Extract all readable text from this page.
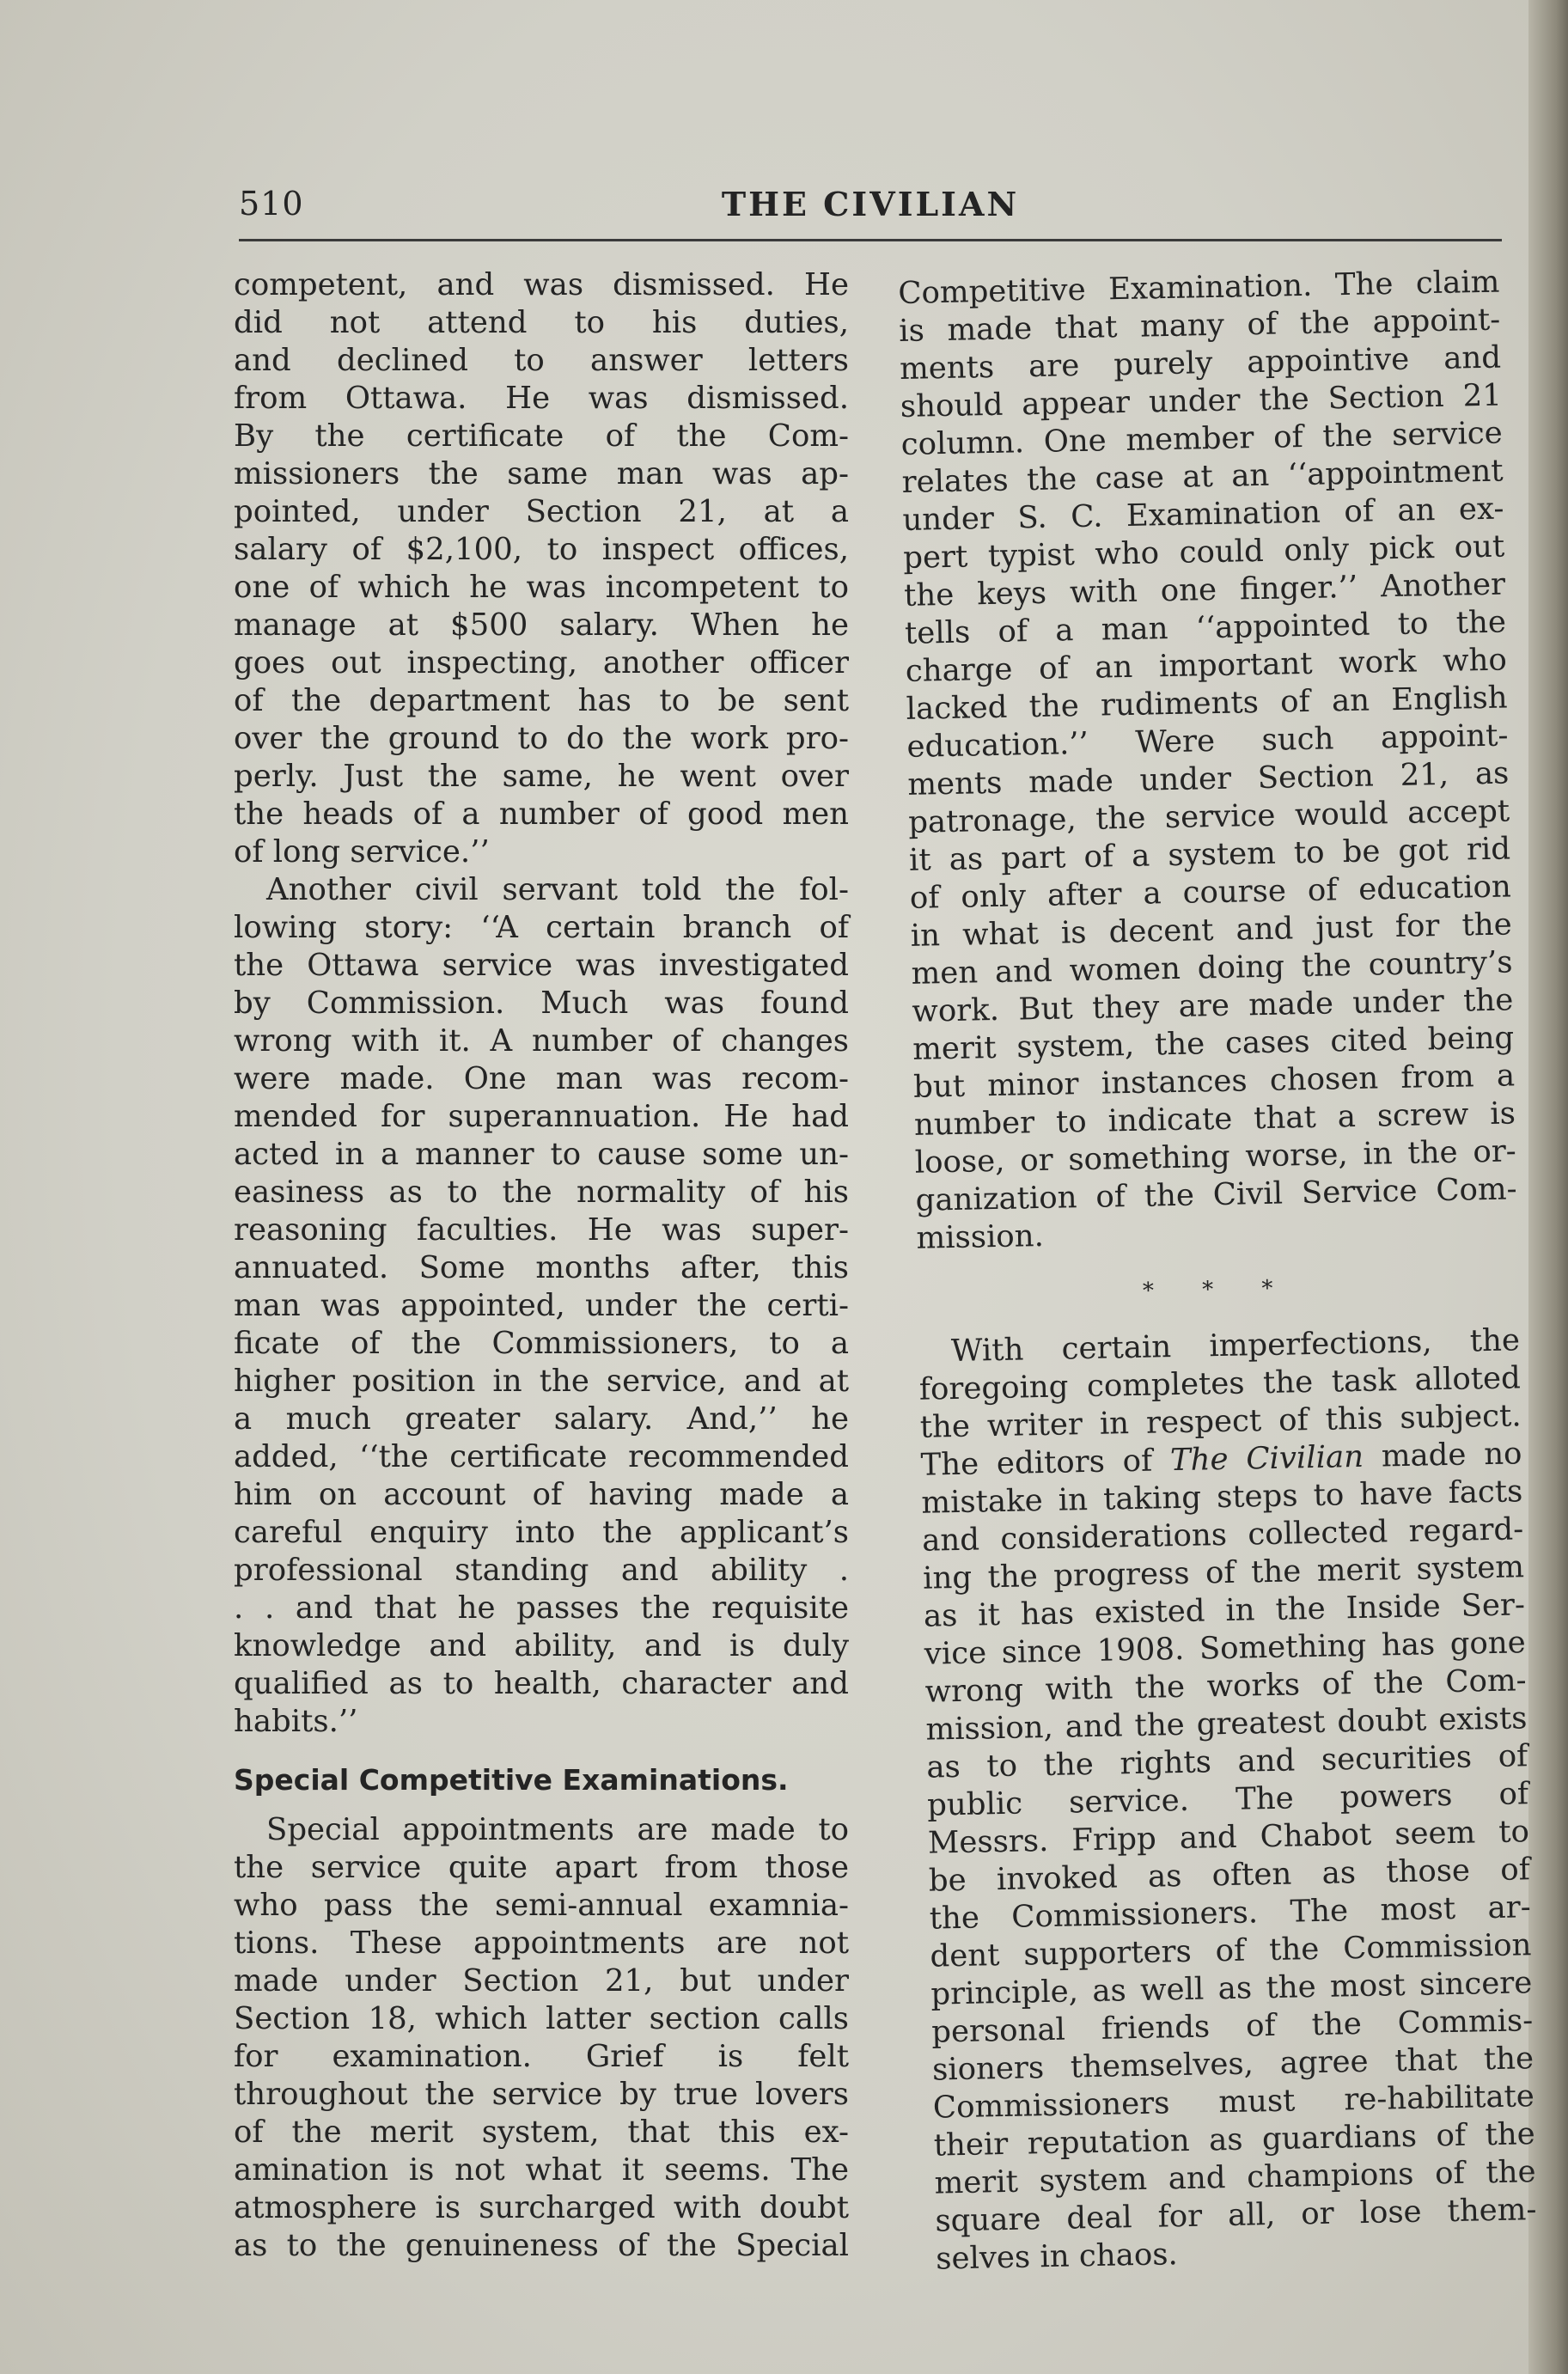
510	THE CIVILIAN
competent, and was dismissed. He
did not attend to his duties,
and declined to answer letters
from Ottawa. He was dismissed.
By the certificate of the Com-
missioners the same man was ap-
pointed, under Section 21, at a
salary of $2,100, to inspect offices,
one of which he was incompetent to
manage at $500 salary. When he
goes out inspecting, another officer
of the department has to be sent
over the ground to do the work pro-
perly. Just the same, he went over
the heads of a number of good men
of long service.’’
Another civil servant told the fol-
lowing story: ‘‘A certain branch of
the Ottawa service was investigated
by Commission. Much was found
wrong with it. A number of changes
were made. One man was recom-
mended for superannuation. He had
acted in a manner to cause some un-
easiness as to the normality of his
reasoning faculties. He was super-
annuated. Some months after, this
man was appointed, under the certi-
ficate of the Commissioners, to a
higher position in the service, and at
a much greater salary. And,’’ he
added, ‘‘the certificate recommended
him on account of having made a
careful enquiry into the applicant’s
professional standing and ability .
. . and that he passes the requisite
knowledge and ability, and is duly
qualified as to health, character and
habits.’’
Special Competitive Examinations.
Special appointments are made to
the service quite apart from those
who pass the semi-annual examnia-
tions. These appointments are not
made under Section 21, but under
Section 18, which latter section calls
for examination. Grief is felt
throughout the service by true lovers
of the merit system, that this ex-
amination is not what it seems. The
atmosphere is surcharged with doubt
as to the genuineness of the Special
Competitive Examination. The claim
is made that many of the appoint-
ments are purely appointive and
should appear under the Section 21
column. One member of the service
relates the case at an ‘‘appointment
under S. C. Examination of an ex-
pert typist who could only pick out
the keys with one finger.’’ Another
tells of a man ‘‘appointed to the
charge of an important work who
lacked the rudiments of an English
education.’’ Were such appoint-
ments made under Section 21, as
patronage, the service would accept
it as part of a system to be got rid
of only after a course of education
in what is decent and just for the
men and women doing the country’s
work. But they are made under the
merit system, the cases cited being
but minor instances chosen from a
number to indicate that a screw is
loose, or something worse, in the or-
ganization of the Civil Service Com-
mission.
* * *
With certain imperfections, the
foregoing completes the task alloted
the writer in respect of this subject.
The editors of The Civilian made no
mistake in taking steps to have facts
and considerations collected regard-
ing the progress of the merit system
as it has existed in the Inside Ser-
vice since 1908. Something has gone
wrong with the works of the Com-
mission, and the greatest doubt exists
as to the rights and securities of
public service. The powers of
Messrs. Fripp and Chabot seem to
be invoked as often as those of
the Commissioners. The most ar-
dent supporters of the Commission
principle, as well as the most sincere
personal friends of the Commis-
sioners themselves, agree that the
Commissioners must re-habilitate
their reputation as guardians of the
merit system and champions of the
square deal for all, or lose them-
selves in chaos.
